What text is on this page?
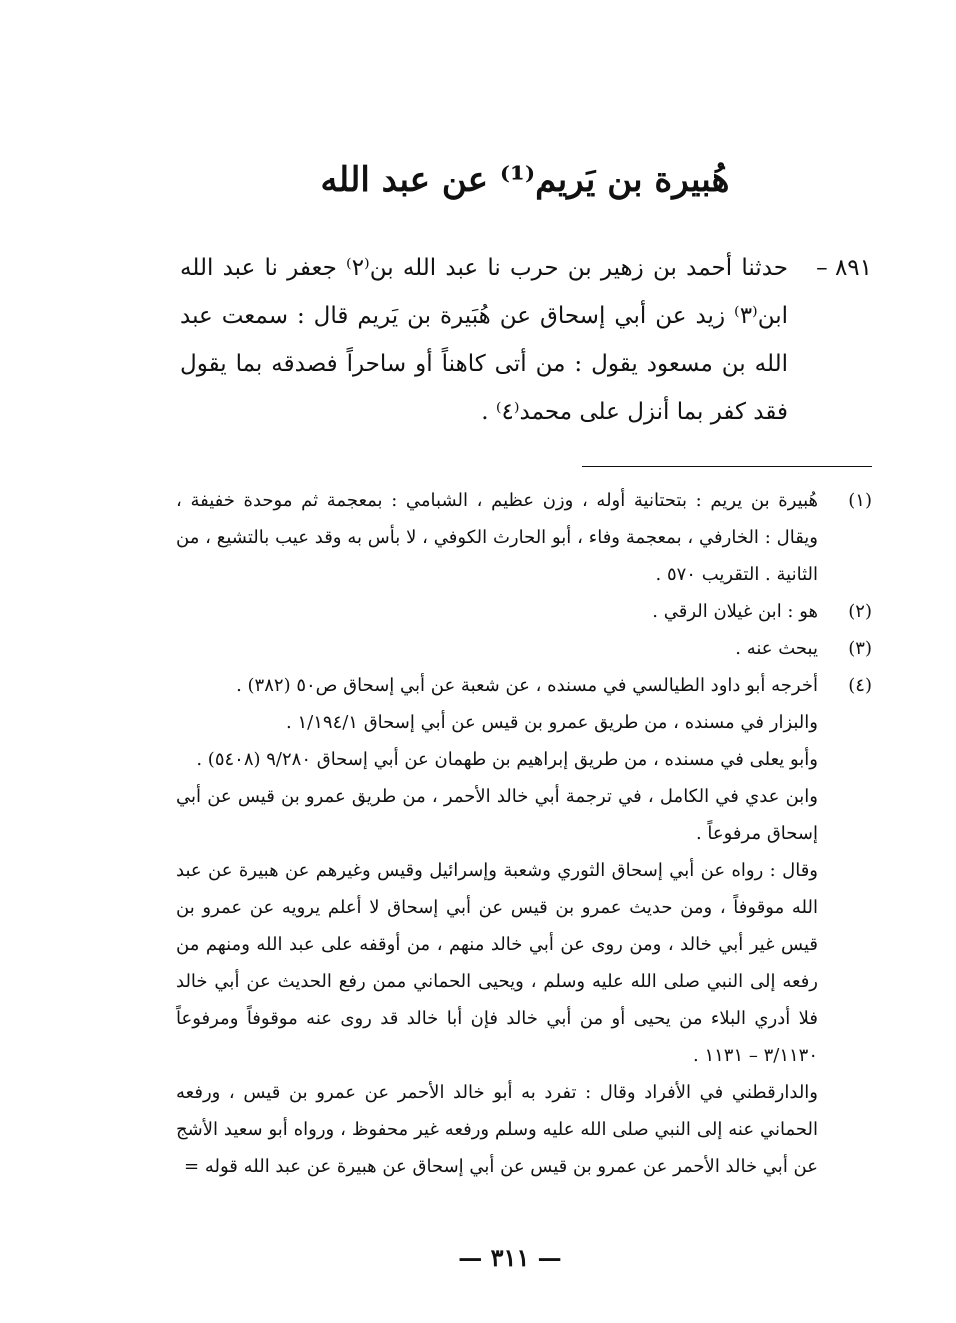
هُبيرة بن يَريم⁽¹⁾ عن عبد الله
٨٩١ –
حدثنا أحمد بن زهير بن حرب نا عبد الله بن⁽٢⁾ جعفر نا عبد الله ابن⁽٣⁾ زيد عن أبي إسحاق عن هُبَيرة بن يَريم قال : سمعت عبد الله بن مسعود يقول : من أتى كاهناً أو ساحراً فصدقه بما يقول فقد كفر بما أنزل على محمد⁽٤⁾ .
(١)

هُبيرة بن يريم : بتحتانية أوله ، وزن عظيم ، الشبامي : بمعجمة ثم موحدة خفيفة ، ويقال : الخارفي ، بمعجمة وفاء ، أبو الحارث الكوفي ، لا بأس به وقد عيب بالتشيع ، من الثانية . التقريب ٥٧٠ .

(٢)

هو : ابن غيلان الرقي .

(٣)

يبحث عنه .

(٤)

أخرجه أبو داود الطيالسي في مسنده ، عن شعبة عن أبي إسحاق ص٥٠ (٣٨٢) .

والبزار في مسنده ، من طريق عمرو بن قيس عن أبي إسحاق ١/١٩٤/١ .

وأبو يعلى في مسنده ، من طريق إبراهيم بن طهمان عن أبي إسحاق ٩/٢٨٠ (٥٤٠٨) .

وابن عدي في الكامل ، في ترجمة أبي خالد الأحمر ، من طريق عمرو بن قيس عن أبي إسحاق مرفوعاً .

وقال : رواه عن أبي إسحاق الثوري وشعبة وإسرائيل وقيس وغيرهم عن هبيرة عن عبد الله موقوفاً ، ومن حديث عمرو بن قيس عن أبي إسحاق لا أعلم يرويه عن عمرو بن قيس غير أبي خالد ، ومن روى عن أبي خالد منهم ، من أوقفه على عبد الله ومنهم من رفعه إلى النبي صلى الله عليه وسلم ، ويحيى الحماني ممن رفع الحديث عن أبي خالد فلا أدري البلاء من يحيى أو من أبي خالد فإن أبا خالد قد روى عنه موقوفاً ومرفوعاً ٣/١١٣٠ – ١١٣١ .

والدارقطني في الأفراد وقال : تفرد به أبو خالد الأحمر عن عمرو بن قيس ، ورفعه الحماني عنه إلى النبي صلى الله عليه وسلم ورفعه غير محفوظ ، ورواه أبو سعيد الأشج عن أبي خالد الأحمر عن عمرو بن قيس عن أبي إسحاق عن هبيرة عن عبد الله قوله =

— ٣١١ —
